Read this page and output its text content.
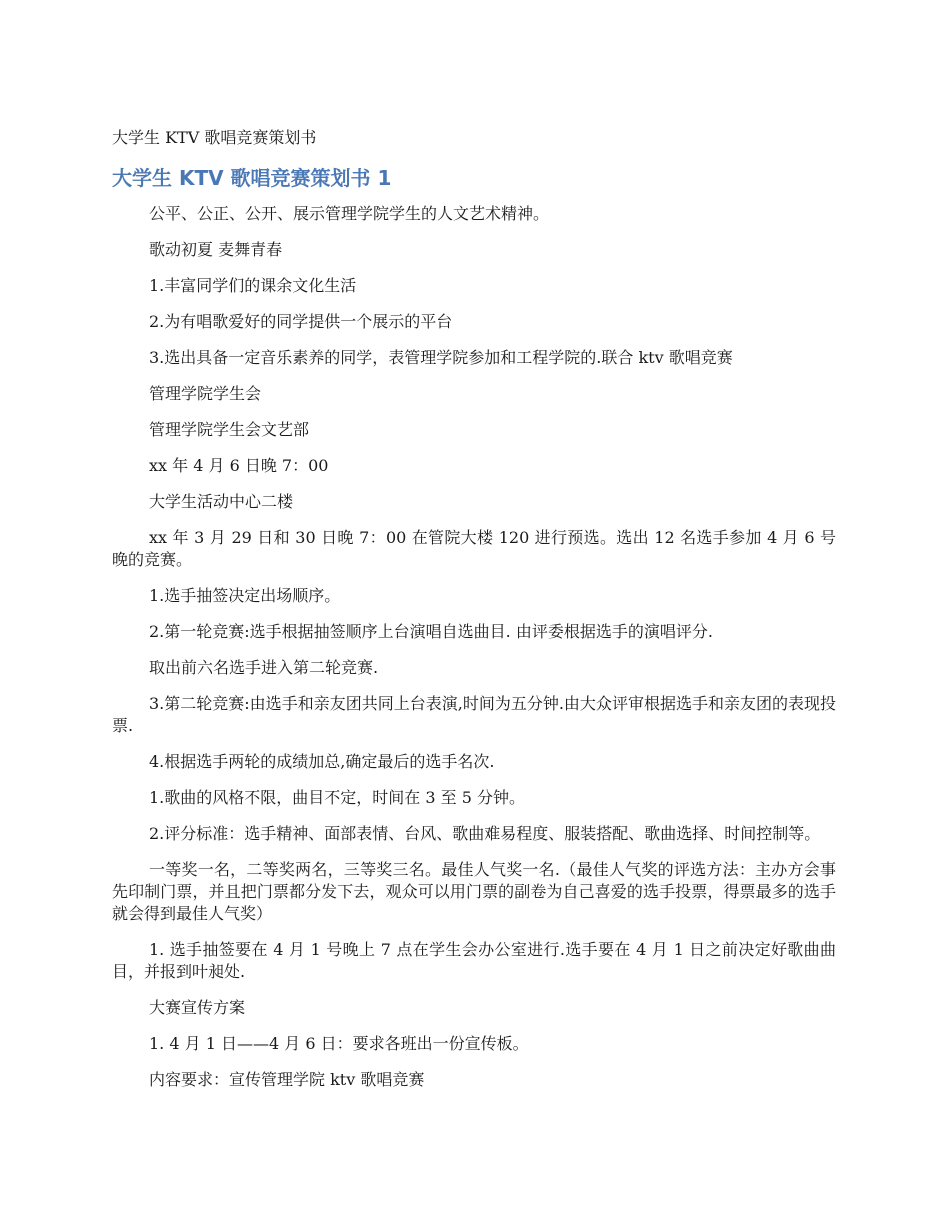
大学生 KTV 歌唱竞赛策划书
大学生 KTV 歌唱竞赛策划书 1

公平、公正、公开、展示管理学院学生的人文艺术精神。

歌动初夏 麦舞青春

1.丰富同学们的课余文化生活

2.为有唱歌爱好的同学提供一个展示的平台

3.选出具备一定音乐素养的同学，表管理学院参加和工程学院的.联合 ktv 歌唱竞赛

管理学院学生会

管理学院学生会文艺部

xx 年 4 月 6 日晚 7：00

大学生活动中心二楼

xx 年 3 月 29 日和 30 日晚 7：00 在管院大楼 120 进行预选。选出 12 名选手参加 4 月 6 号晚的竞赛。

1.选手抽签决定出场顺序。

2.第一轮竞赛:选手根据抽签顺序上台演唱自选曲目. 由评委根据选手的演唱评分.

取出前六名选手进入第二轮竞赛.

3.第二轮竞赛:由选手和亲友团共同上台表演,时间为五分钟.由大众评审根据选手和亲友团的表现投票.

4.根据选手两轮的成绩加总,确定最后的选手名次.

1.歌曲的风格不限，曲目不定，时间在 3 至 5 分钟。

2.评分标准：选手精神、面部表情、台风、歌曲难易程度、服装搭配、歌曲选择、时间控制等。

一等奖一名，二等奖两名，三等奖三名。最佳人气奖一名.（最佳人气奖的评选方法：主办方会事先印制门票，并且把门票都分发下去，观众可以用门票的副卷为自己喜爱的选手投票，得票最多的选手就会得到最佳人气奖）

1. 选手抽签要在 4 月 1 号晚上 7 点在学生会办公室进行.选手要在 4 月 1 日之前决定好歌曲曲目，并报到叶昶处.

大赛宣传方案

1. 4 月 1 日——4 月 6 日：要求各班出一份宣传板。

内容要求：宣传管理学院 ktv 歌唱竞赛
